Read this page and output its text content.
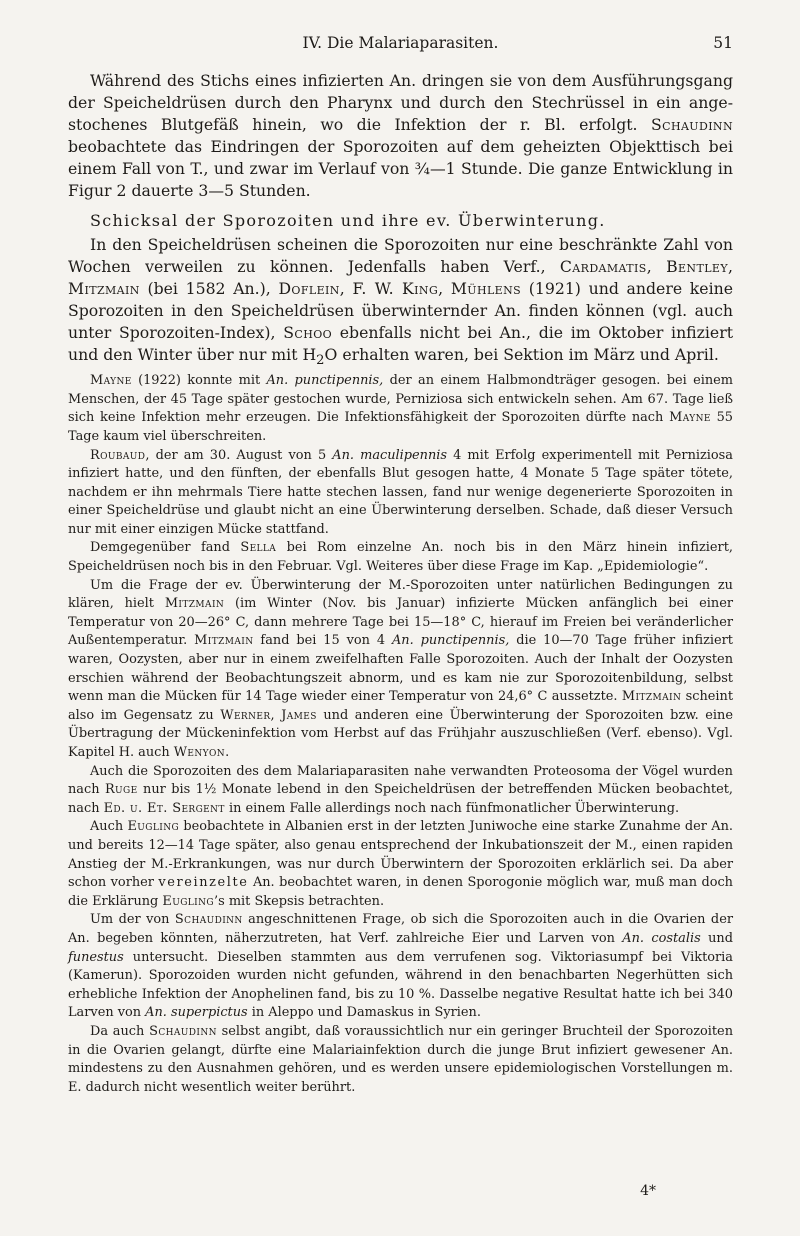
IV. Die Malariaparasiten.	51

Während des Stichs eines infizierten An. dringen sie von dem Ausführungsgang der Speicheldrüsen durch den Pharynx und durch den Stechrüssel in ein angestochenes Blutgefäß hinein, wo die Infektion der r. Bl. erfolgt. Schaudinn beobachtete das Eindringen der Sporozoiten auf dem geheizten Objekttisch bei einem Fall von T., und zwar im Verlauf von ¾—1 Stunde. Die ganze Entwicklung in Figur 2 dauerte 3—5 Stunden.

Schicksal der Sporozoiten und ihre ev. Überwinterung.

In den Speicheldrüsen scheinen die Sporozoiten nur eine beschränkte Zahl von Wochen verweilen zu können. Jedenfalls haben Verf., Cardamatis, Bentley, Mitzmain (bei 1582 An.), Doflein, F. W. King, Mühlens (1921) und andere keine Sporozoiten in den Speicheldrüsen überwinternder An. finden können (vgl. auch unter Sporozoiten-Index), Schoo ebenfalls nicht bei An., die im Oktober infiziert und den Winter über nur mit $H_2O$ erhalten waren, bei Sektion im März und April.

Mayne (1922) konnte mit An. punctipennis, der an einem Halbmondträger gesogen. bei einem Menschen, der 45 Tage später gestochen wurde, Perniziosa sich entwickeln sehen. Am 67. Tage ließ sich keine Infektion mehr erzeugen. Die Infektionsfähigkeit der Sporozoiten dürfte nach Mayne 55 Tage kaum viel überschreiten.

Roubaud, der am 30. August von 5 An. maculipennis 4 mit Erfolg experimentell mit Perniziosa infiziert hatte, und den fünften, der ebenfalls Blut gesogen hatte, 4 Monate 5 Tage später tötete, nachdem er ihn mehrmals Tiere hatte stechen lassen, fand nur wenige degenerierte Sporozoiten in einer Speicheldrüse und glaubt nicht an eine Überwinterung derselben. Schade, daß dieser Versuch nur mit einer einzigen Mücke stattfand.

Demgegenüber fand Sella bei Rom einzelne An. noch bis in den März hinein infiziert, Speicheldrüsen noch bis in den Februar. Vgl. Weiteres über diese Frage im Kap. „Epidemiologie“.

Um die Frage der ev. Überwinterung der M.-Sporozoiten unter natürlichen Bedingungen zu klären, hielt Mitzmain (im Winter (Nov. bis Januar) infizierte Mücken anfänglich bei einer Temperatur von 20—26° C, dann mehrere Tage bei 15—18° C, hierauf im Freien bei veränderlicher Außentemperatur. Mitzmain fand bei 15 von 4 An. punctipennis, die 10—70 Tage früher infiziert waren, Oozysten, aber nur in einem zweifelhaften Falle Sporozoiten. Auch der Inhalt der Oozysten erschien während der Beobachtungszeit abnorm, und es kam nie zur Sporozoitenbildung, selbst wenn man die Mücken für 14 Tage wieder einer Temperatur von 24,6° C aussetzte. Mitzmain scheint also im Gegensatz zu Werner, James und anderen eine Überwinterung der Sporozoiten bzw. eine Übertragung der Mückeninfektion vom Herbst auf das Frühjahr auszuschließen (Verf. ebenso). Vgl. Kapitel H. auch Wenyon.

Auch die Sporozoiten des dem Malariaparasiten nahe verwandten Proteosoma der Vögel wurden nach Ruge nur bis 1½ Monate lebend in den Speicheldrüsen der betreffenden Mücken beobachtet, nach Ed. u. Et. Sergent in einem Falle allerdings noch nach fünfmonatlicher Überwinterung.

Auch Eugling beobachtete in Albanien erst in der letzten Juniwoche eine starke Zunahme der An. und bereits 12—14 Tage später, also genau entsprechend der Inkubationszeit der M., einen rapiden Anstieg der M.-Erkrankungen, was nur durch Überwintern der Sporozoiten erklärlich sei. Da aber schon vorher vereinzelte An. beobachtet waren, in denen Sporogonie möglich war, muß man doch die Erklärung Eugling’s mit Skepsis betrachten.

Um der von Schaudinn angeschnittenen Frage, ob sich die Sporozoiten auch in die Ovarien der An. begeben könnten, näherzutreten, hat Verf. zahlreiche Eier und Larven von An. costalis und funestus untersucht. Dieselben stammten aus dem verrufenen sog. Viktoriasumpf bei Viktoria (Kamerun). Sporozoiden wurden nicht gefunden, während in den benachbarten Negerhütten sich erhebliche Infektion der Anophelinen fand, bis zu 10 %. Dasselbe negative Resultat hatte ich bei 340 Larven von An. superpictus in Aleppo und Damaskus in Syrien.

Da auch Schaudinn selbst angibt, daß voraussichtlich nur ein geringer Bruchteil der Sporozoiten in die Ovarien gelangt, dürfte eine Malariainfektion durch die junge Brut infiziert gewesener An. mindestens zu den Ausnahmen gehören, und es werden unsere epidemiologischen Vorstellungen m. E. dadurch nicht wesentlich weiter berührt.

4*
